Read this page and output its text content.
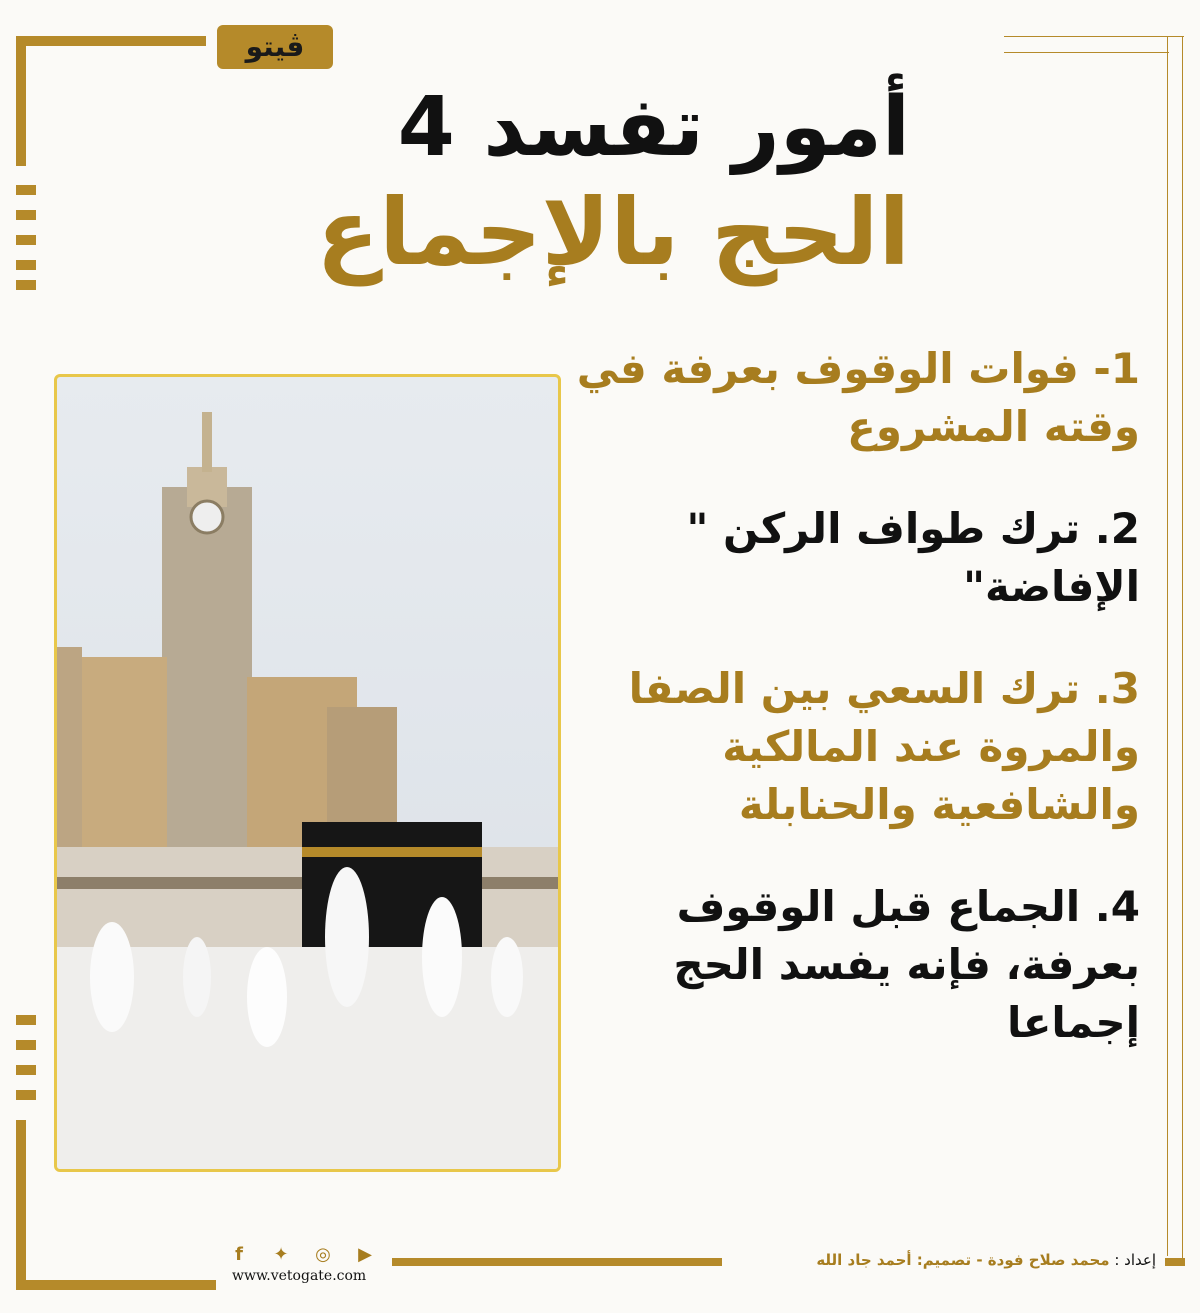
ڤيتو
4 أمور تفسد
الحج بالإجماع
1- فوات الوقوف بعرفة في وقته المشروع
2. ترك طواف الركن " الإفاضة"
3. ترك السعي بين الصفا والمروة عند المالكية والشافعية والحنابلة
4. الجماع قبل الوقوف بعرفة، فإنه يفسد الحج إجماعا
f	✦ ◎ ▶
www.vetogate.com
إعداد : محمد صلاح فودة - تصميم: أحمد جاد الله
